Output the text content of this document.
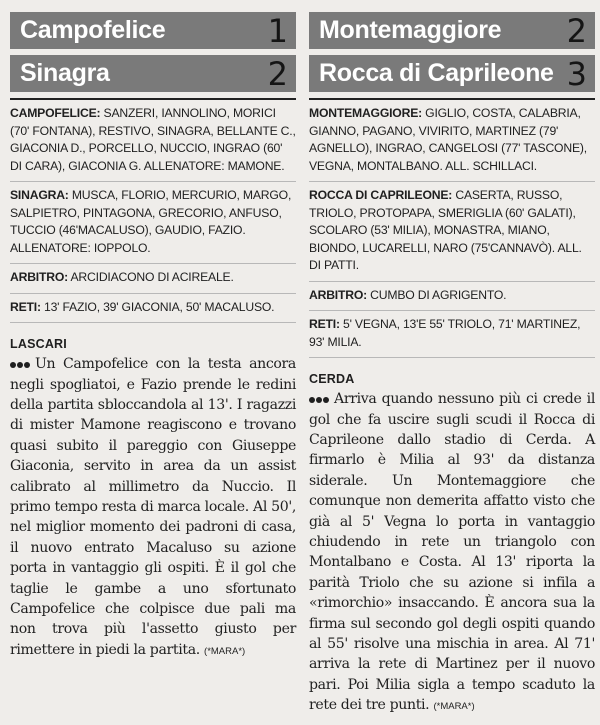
Campofelice	1
Sinagra	2
CAMPOFELICE: SANZERI, IANNOLINO, MORICI (70' FONTANA), RESTIVO, SINAGRA, BELLANTE C., GIACONIA D., PORCELLO, NUCCIO, INGRAO (60' DI CARA), GIACONIA G. ALLENATORE: MAMONE.
SINAGRA: MUSCA, FLORIO, MERCURIO, MARGO, SALPIETRO, PINTAGONA, GRECORIO, ANFUSO, TUCCIO (46'MACALUSO), GAUDIO, FAZIO. ALLENATORE: IOPPOLO.
ARBITRO: ARCIDIACONO DI ACIREALE.
RETI: 13' FAZIO, 39' GIACONIA, 50' MACALUSO.
LASCARI

Un Campofelice con la testa ancora negli spogliatoi, e Fazio prende le redini della partita sbloccandola al 13'. I ragazzi di mister Mamone reagiscono e trovano quasi subito il pareggio con Giuseppe Giaconia, servito in area da un assist calibrato al millimetro da Nuccio. Il primo tempo resta di marca locale. Al 50', nel miglior momento dei padroni di casa, il nuovo entrato Macaluso su azione porta in vantaggio gli ospiti. È il gol che taglie le gambe a uno sfortunato Campofelice che colpisce due pali ma non trova più l'assetto giusto per rimettere in piedi la partita. (*MARA*)

Montemaggiore 2
Rocca di Caprileone 3
MONTEMAGGIORE: GIGLIO, COSTA, CALABRIA, GIANNO, PAGANO, VIVIRITO, MARTINEZ (79' AGNELLO), INGRAO, CANGELOSI (77' TASCONE), VEGNA, MONTALBANO. ALL. SCHILLACI.
ROCCA DI CAPRILEONE: CASERTA, RUSSO, TRIOLO, PROTOPAPA, SMERIGLIA (60' GALATI), SCOLARO (53' MILIA), MONASTRA, MIANO, BIONDO, LUCARELLI, NARO (75'CANNAVÒ). ALL. DI PATTI.
ARBITRO: CUMBO DI AGRIGENTO.
RETI: 5' VEGNA, 13'E 55' TRIOLO, 71' MARTINEZ, 93' MILIA.
CERDA

Arriva quando nessuno più ci crede il gol che fa uscire sugli scudi il Rocca di Caprileone dallo stadio di Cerda. A firmarlo è Milia al 93' da distanza siderale. Un Montemaggiore che comunque non demerita affatto visto che già al 5' Vegna lo porta in vantaggio chiudendo in rete un triangolo con Montalbano e Costa. Al 13' riporta la parità Triolo che su azione si infila a «rimorchio» insaccando. È ancora sua la firma sul secondo gol degli ospiti quando al 55' risolve una mischia in area. Al 71' arriva la rete di Martinez per il nuovo pari. Poi Milia sigla a tempo scaduto la rete dei tre punti. (*MARA*)
